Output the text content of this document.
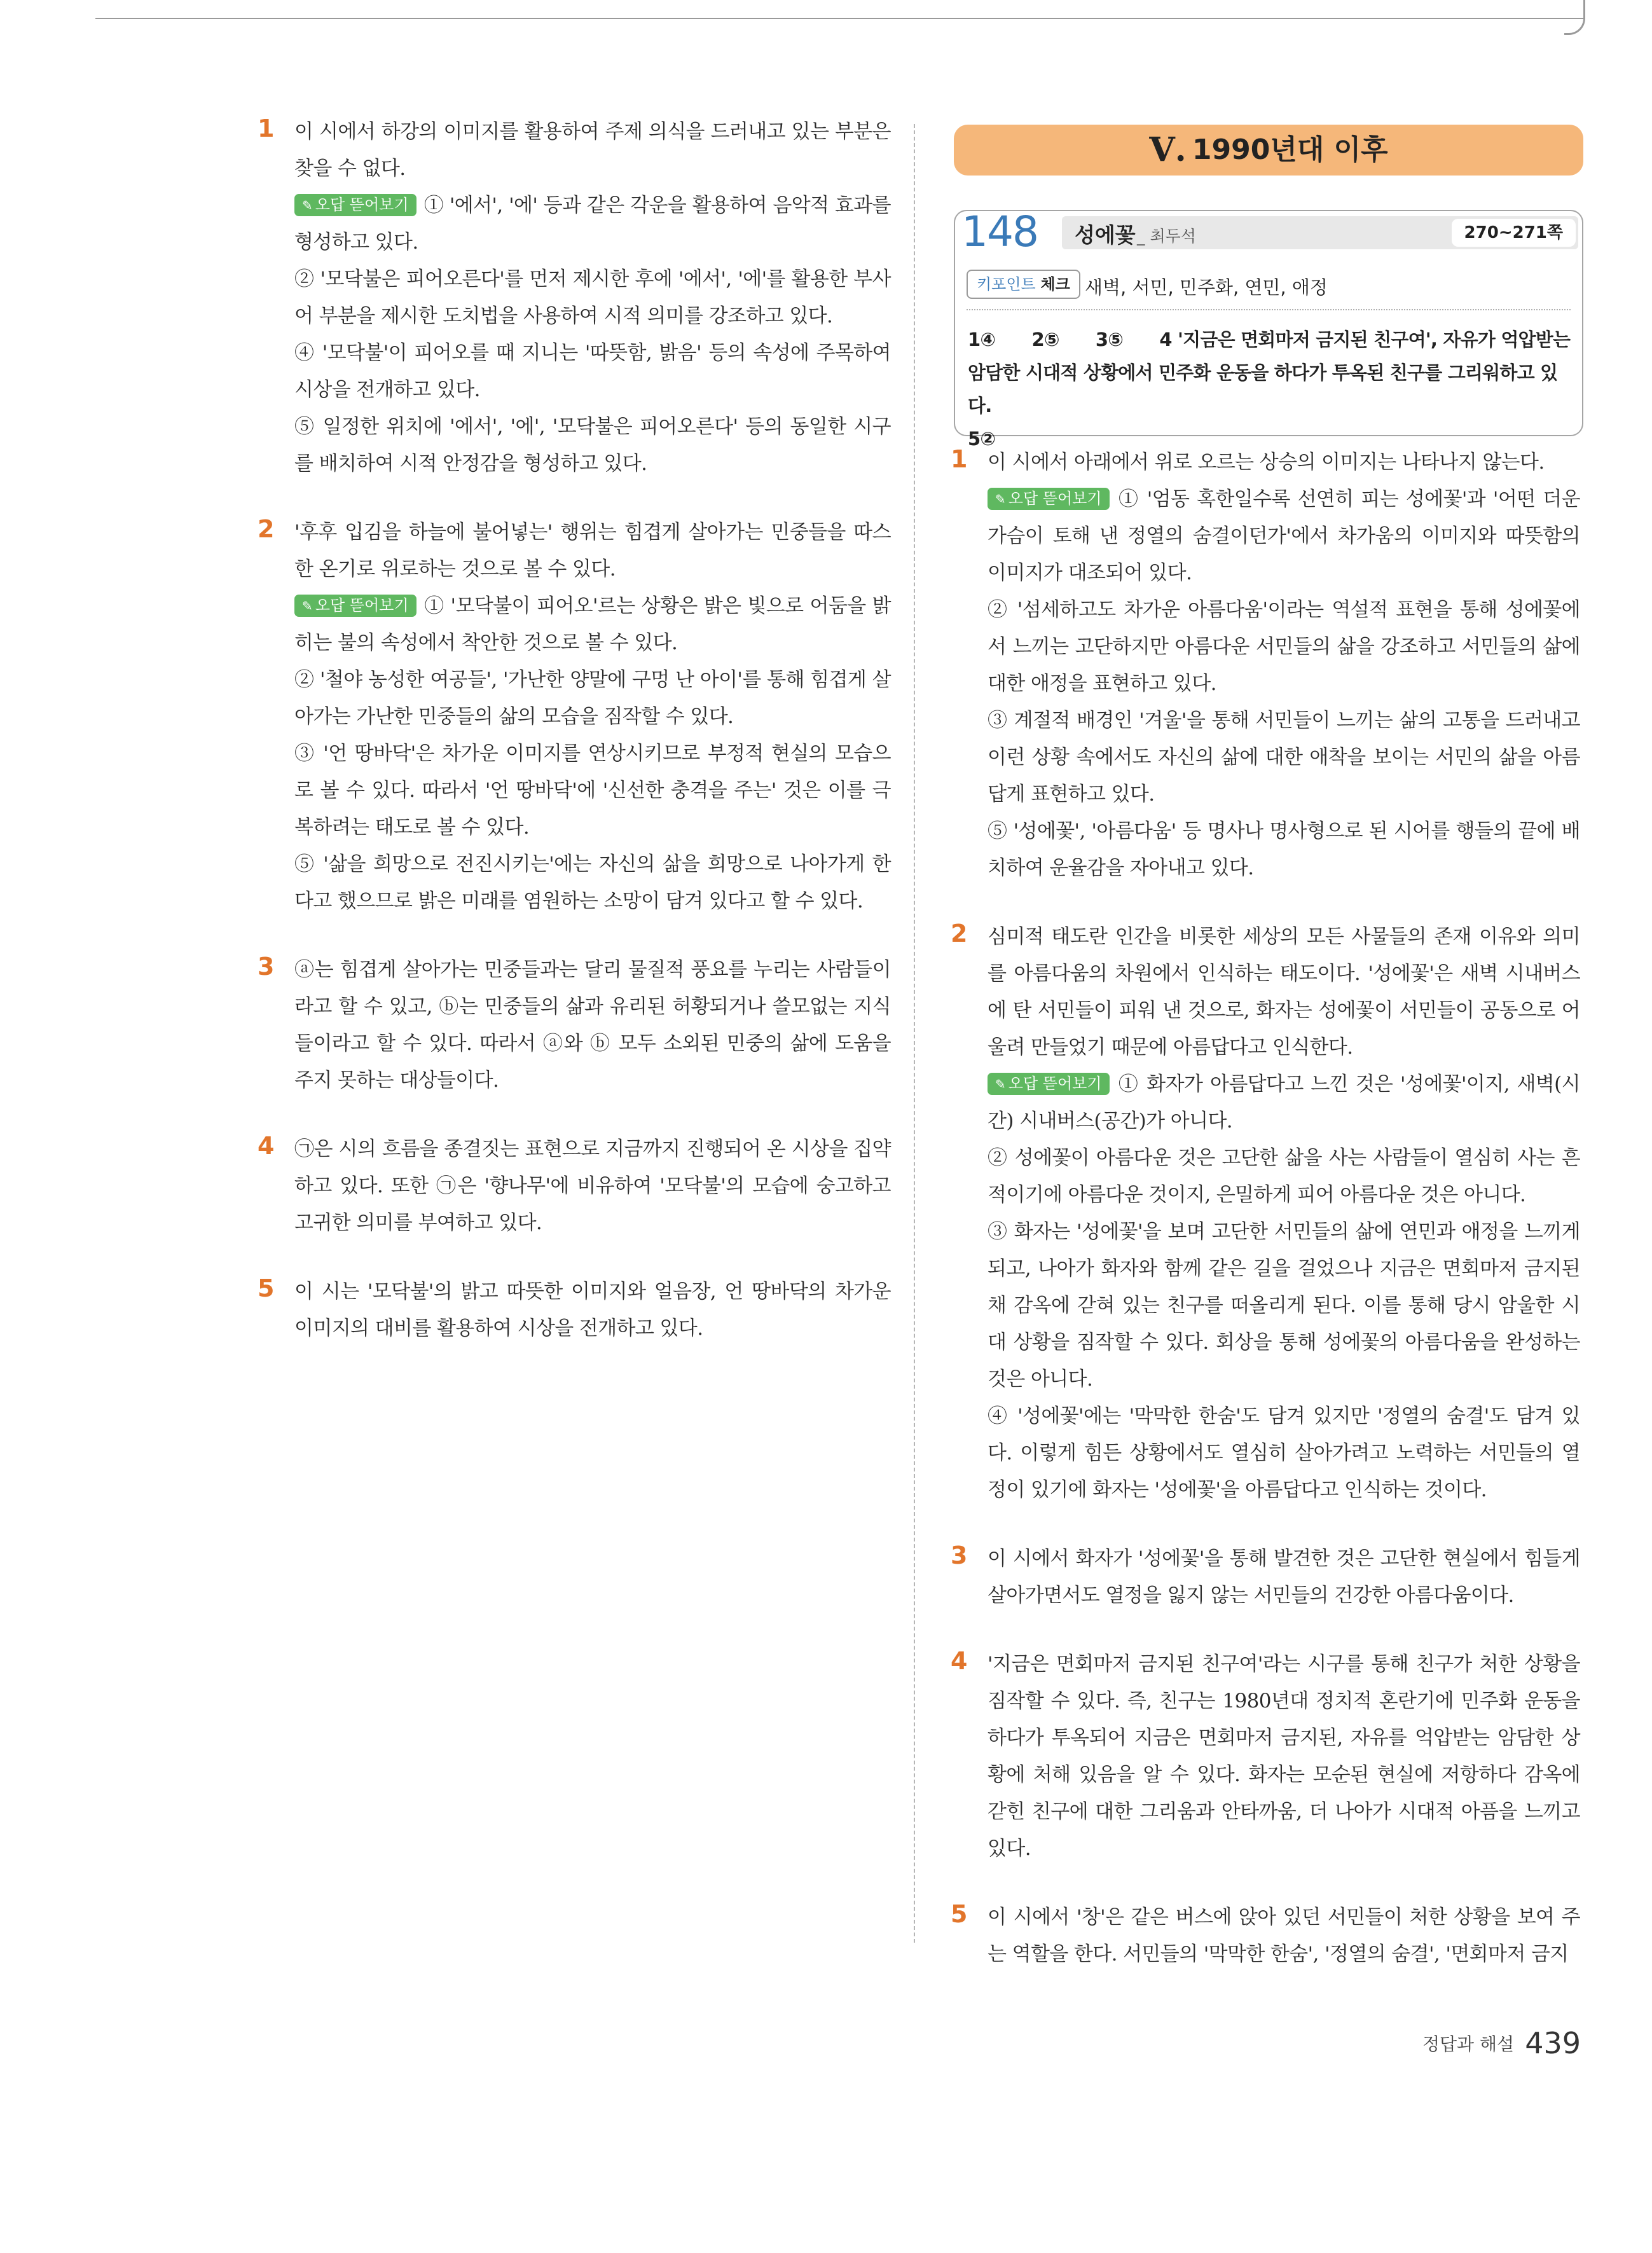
1 이 시에서 하강의 이미지를 활용하여 주제 의식을 드러내고 있는 부분은 찾을 수 없다.

✎ 오답 뜯어보기 ① '에서', '에' 등과 같은 각운을 활용하여 음악적 효과를 형성하고 있다.

② '모닥불은 피어오른다'를 먼저 제시한 후에 '에서', '에'를 활용한 부사어 부분을 제시한 도치법을 사용하여 시적 의미를 강조하고 있다.

④ '모닥불'이 피어오를 때 지니는 '따뜻함, 밝음' 등의 속성에 주목하여 시상을 전개하고 있다.

⑤ 일정한 위치에 '에서', '에', '모닥불은 피어오른다' 등의 동일한 시구를 배치하여 시적 안정감을 형성하고 있다.

2 '후후 입김을 하늘에 불어넣는' 행위는 힘겹게 살아가는 민중들을 따스한 온기로 위로하는 것으로 볼 수 있다.

✎ 오답 뜯어보기 ① '모닥불이 피어오'르는 상황은 밝은 빛으로 어둠을 밝히는 불의 속성에서 착안한 것으로 볼 수 있다.

② '철야 농성한 여공들', '가난한 양말에 구멍 난 아이'를 통해 힘겹게 살아가는 가난한 민중들의 삶의 모습을 짐작할 수 있다.

③ '언 땅바닥'은 차가운 이미지를 연상시키므로 부정적 현실의 모습으로 볼 수 있다. 따라서 '언 땅바닥'에 '신선한 충격을 주는' 것은 이를 극복하려는 태도로 볼 수 있다.

⑤ '삶을 희망으로 전진시키는'에는 자신의 삶을 희망으로 나아가게 한다고 했으므로 밝은 미래를 염원하는 소망이 담겨 있다고 할 수 있다.

3 ⓐ는 힘겹게 살아가는 민중들과는 달리 물질적 풍요를 누리는 사람들이라고 할 수 있고, ⓑ는 민중들의 삶과 유리된 허황되거나 쓸모없는 지식들이라고 할 수 있다. 따라서 ⓐ와 ⓑ 모두 소외된 민중의 삶에 도움을 주지 못하는 대상들이다.

4 ㉠은 시의 흐름을 종결짓는 표현으로 지금까지 진행되어 온 시상을 집약하고 있다. 또한 ㉠은 '향나무'에 비유하여 '모닥불'의 모습에 숭고하고 고귀한 의미를 부여하고 있다.

5 이 시는 '모닥불'의 밝고 따뜻한 이미지와 얼음장, 언 땅바닥의 차가운 이미지의 대비를 활용하여 시상을 전개하고 있다.

V. 1990년대 이후
148 성에꽃 _ 최두석	270~271쪽
키포인트 체크 새벽, 서민, 민주화, 연민, 애정
1④ 2⑤ 3⑤ 4 '지금은 면회마저 금지된 친구여', 자유가 억압받는
암담한 시대적 상황에서 민주화 운동을 하다가 투옥된 친구를 그리워하고 있다.
5②
1 이 시에서 아래에서 위로 오르는 상승의 이미지는 나타나지 않는다.

✎ 오답 뜯어보기 ① '엄동 혹한일수록 선연히 피는 성에꽃'과 '어떤 더운 가슴이 토해 낸 정열의 숨결이던가'에서 차가움의 이미지와 따뜻함의 이미지가 대조되어 있다.

② '섬세하고도 차가운 아름다움'이라는 역설적 표현을 통해 성에꽃에서 느끼는 고단하지만 아름다운 서민들의 삶을 강조하고 서민들의 삶에 대한 애정을 표현하고 있다.

③ 계절적 배경인 '겨울'을 통해 서민들이 느끼는 삶의 고통을 드러내고 이런 상황 속에서도 자신의 삶에 대한 애착을 보이는 서민의 삶을 아름답게 표현하고 있다.

⑤ '성에꽃', '아름다움' 등 명사나 명사형으로 된 시어를 행들의 끝에 배치하여 운율감을 자아내고 있다.

2 심미적 태도란 인간을 비롯한 세상의 모든 사물들의 존재 이유와 의미를 아름다움의 차원에서 인식하는 태도이다. '성에꽃'은 새벽 시내버스에 탄 서민들이 피워 낸 것으로, 화자는 성에꽃이 서민들이 공동으로 어울려 만들었기 때문에 아름답다고 인식한다.

✎ 오답 뜯어보기 ① 화자가 아름답다고 느낀 것은 '성에꽃'이지, 새벽(시간) 시내버스(공간)가 아니다.

② 성에꽃이 아름다운 것은 고단한 삶을 사는 사람들이 열심히 사는 흔적이기에 아름다운 것이지, 은밀하게 피어 아름다운 것은 아니다.

③ 화자는 '성에꽃'을 보며 고단한 서민들의 삶에 연민과 애정을 느끼게 되고, 나아가 화자와 함께 같은 길을 걸었으나 지금은 면회마저 금지된 채 감옥에 갇혀 있는 친구를 떠올리게 된다. 이를 통해 당시 암울한 시대 상황을 짐작할 수 있다. 회상을 통해 성에꽃의 아름다움을 완성하는 것은 아니다.

④ '성에꽃'에는 '막막한 한숨'도 담겨 있지만 '정열의 숨결'도 담겨 있다. 이렇게 힘든 상황에서도 열심히 살아가려고 노력하는 서민들의 열정이 있기에 화자는 '성에꽃'을 아름답다고 인식하는 것이다.

3 이 시에서 화자가 '성에꽃'을 통해 발견한 것은 고단한 현실에서 힘들게 살아가면서도 열정을 잃지 않는 서민들의 건강한 아름다움이다.

4 '지금은 면회마저 금지된 친구여'라는 시구를 통해 친구가 처한 상황을 짐작할 수 있다. 즉, 친구는 1980년대 정치적 혼란기에 민주화 운동을 하다가 투옥되어 지금은 면회마저 금지된, 자유를 억압받는 암담한 상황에 처해 있음을 알 수 있다. 화자는 모순된 현실에 저항하다 감옥에 갇힌 친구에 대한 그리움과 안타까움, 더 나아가 시대적 아픔을 느끼고 있다.

5 이 시에서 '창'은 같은 버스에 앉아 있던 서민들이 처한 상황을 보여 주는 역할을 한다. 서민들의 '막막한 한숨', '정열의 숨결', '면회마저 금지

정답과 해설 439
